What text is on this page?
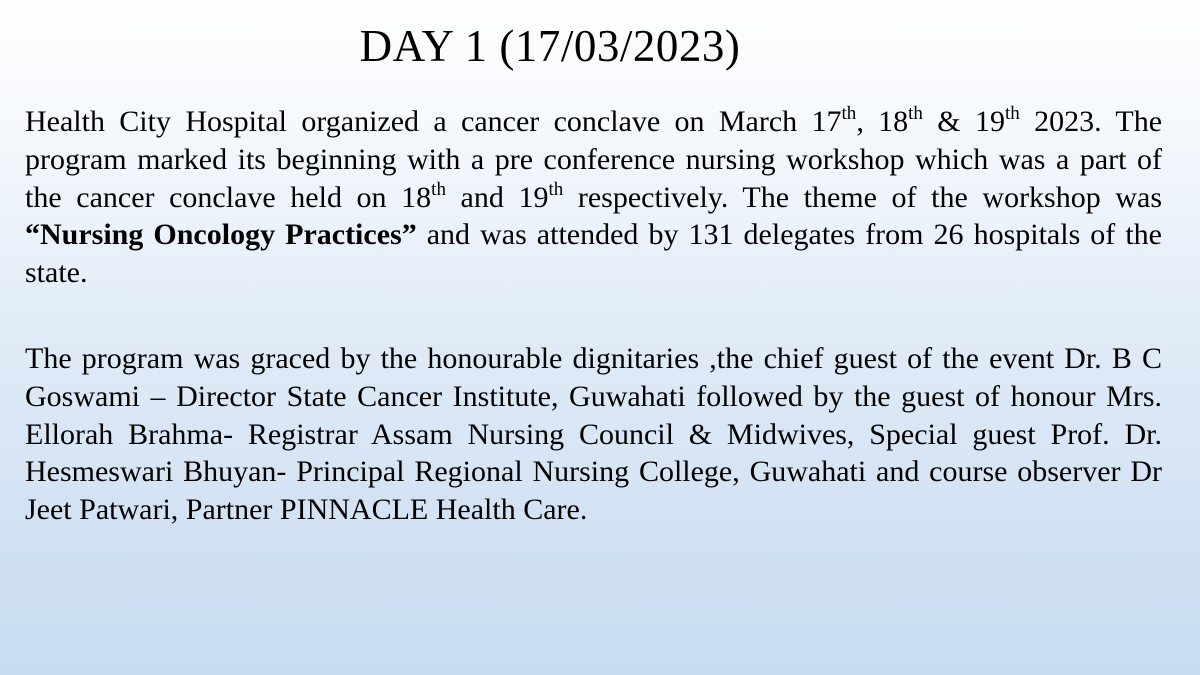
DAY 1 (17/03/2023)

Health City Hospital organized a cancer conclave on March 17th, 18th & 19th 2023. The program marked its beginning with a pre conference nursing workshop which was a part of the cancer conclave held on 18th and 19th respectively. The theme of the workshop was “Nursing Oncology Practices” and was attended by 131 delegates from 26 hospitals of the state.

The program was graced by the honourable dignitaries ,the chief guest of the event Dr. B C Goswami – Director State Cancer Institute, Guwahati followed by the guest of honour Mrs. Ellorah Brahma- Registrar Assam Nursing Council & Midwives, Special guest Prof. Dr. Hesmeswari Bhuyan- Principal Regional Nursing College, Guwahati and course observer Dr Jeet Patwari, Partner PINNACLE Health Care.
